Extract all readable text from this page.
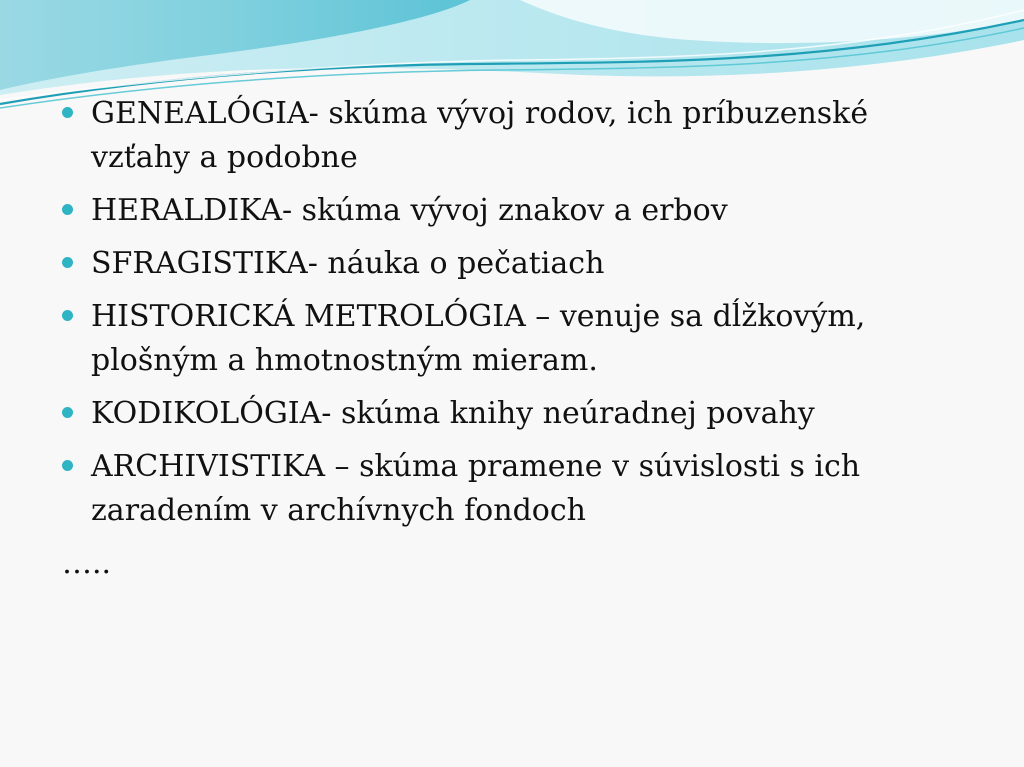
GENEALÓGIA- skúma vývoj rodov, ich príbuzenské vzťahy a podobne
HERALDIKA- skúma vývoj znakov a erbov
SFRAGISTIKA- náuka o pečatiach
HISTORICKÁ METROLÓGIA – venuje sa dĺžkovým, plošným a hmotnostným mieram.
KODIKOLÓGIA- skúma knihy neúradnej povahy
ARCHIVISTIKA – skúma pramene v súvislosti s ich zaradením v archívnych fondoch
…..
